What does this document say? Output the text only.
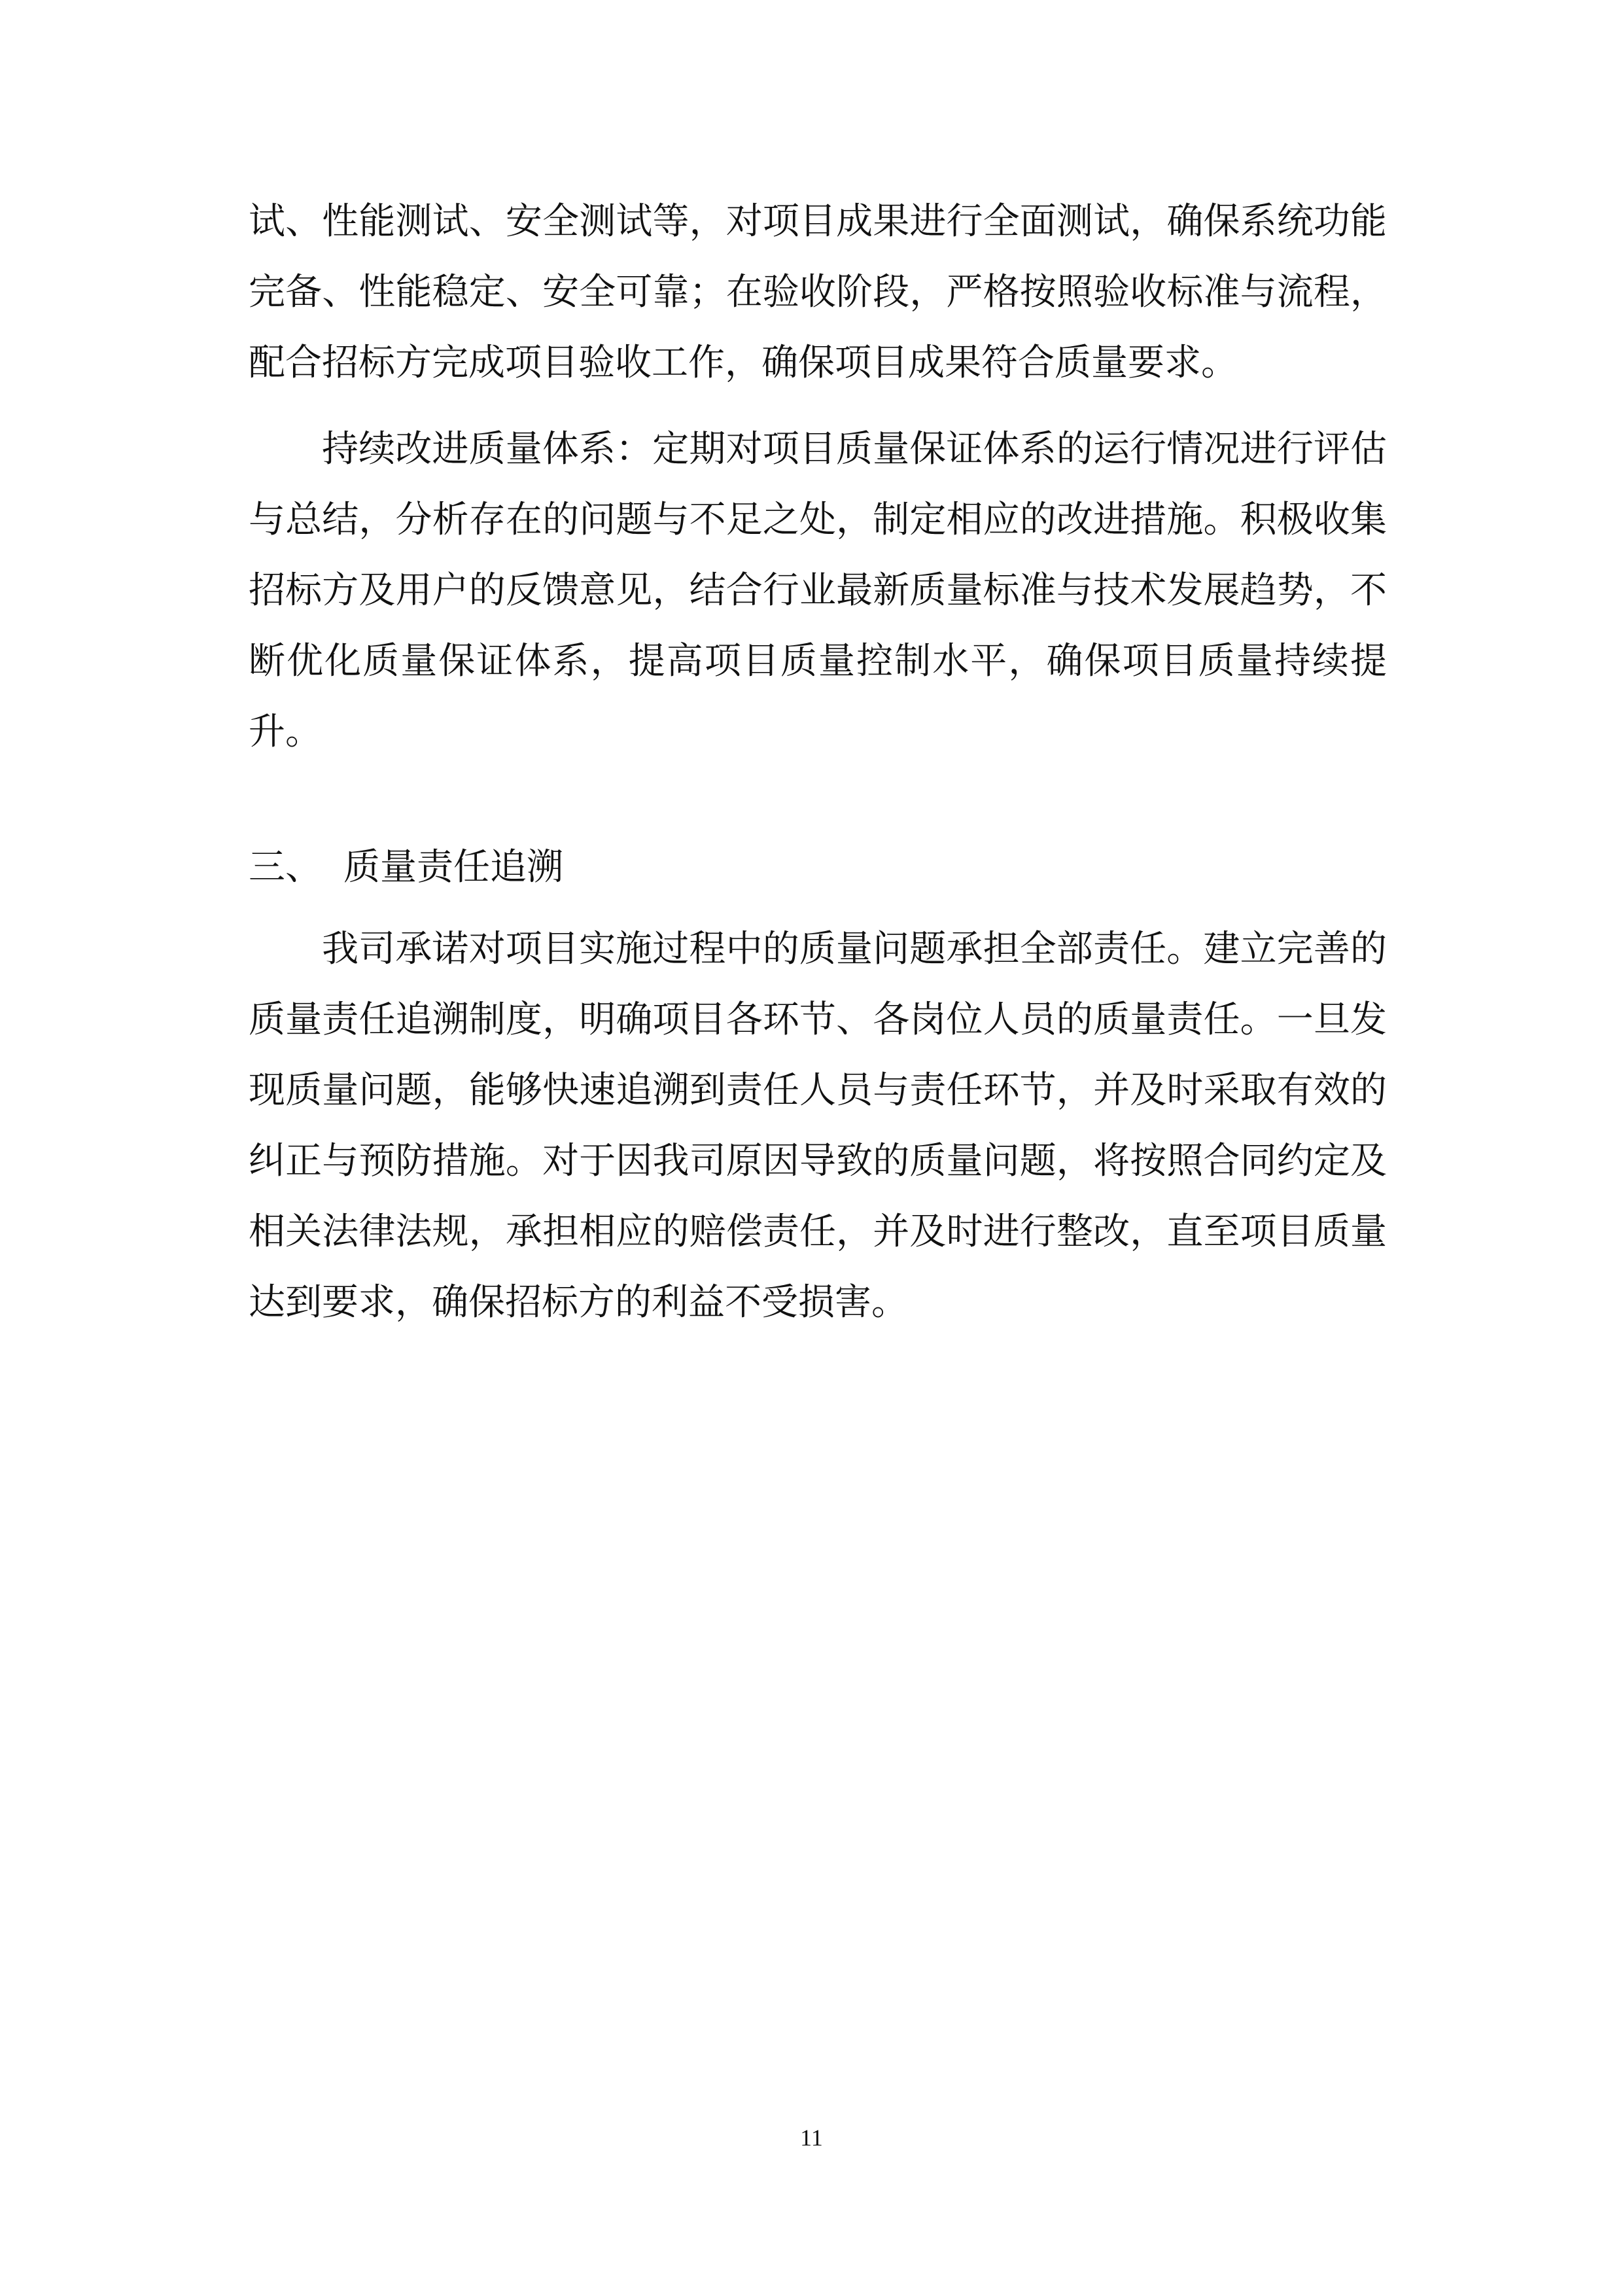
试、性能测试、安全测试等，对项目成果进行全面测试，确保系统功能完备、性能稳定、安全可靠；在验收阶段，严格按照验收标准与流程，配合招标方完成项目验收工作，确保项目成果符合质量要求。

持续改进质量体系：定期对项目质量保证体系的运行情况进行评估与总结，分析存在的问题与不足之处，制定相应的改进措施。积极收集招标方及用户的反馈意见，结合行业最新质量标准与技术发展趋势，不断优化质量保证体系，提高项目质量控制水平，确保项目质量持续提升。

三、 质量责任追溯

我司承诺对项目实施过程中的质量问题承担全部责任。建立完善的质量责任追溯制度，明确项目各环节、各岗位人员的质量责任。一旦发现质量问题，能够快速追溯到责任人员与责任环节，并及时采取有效的纠正与预防措施。对于因我司原因导致的质量问题，将按照合同约定及相关法律法规，承担相应的赔偿责任，并及时进行整改，直至项目质量达到要求，确保招标方的利益不受损害。

11
